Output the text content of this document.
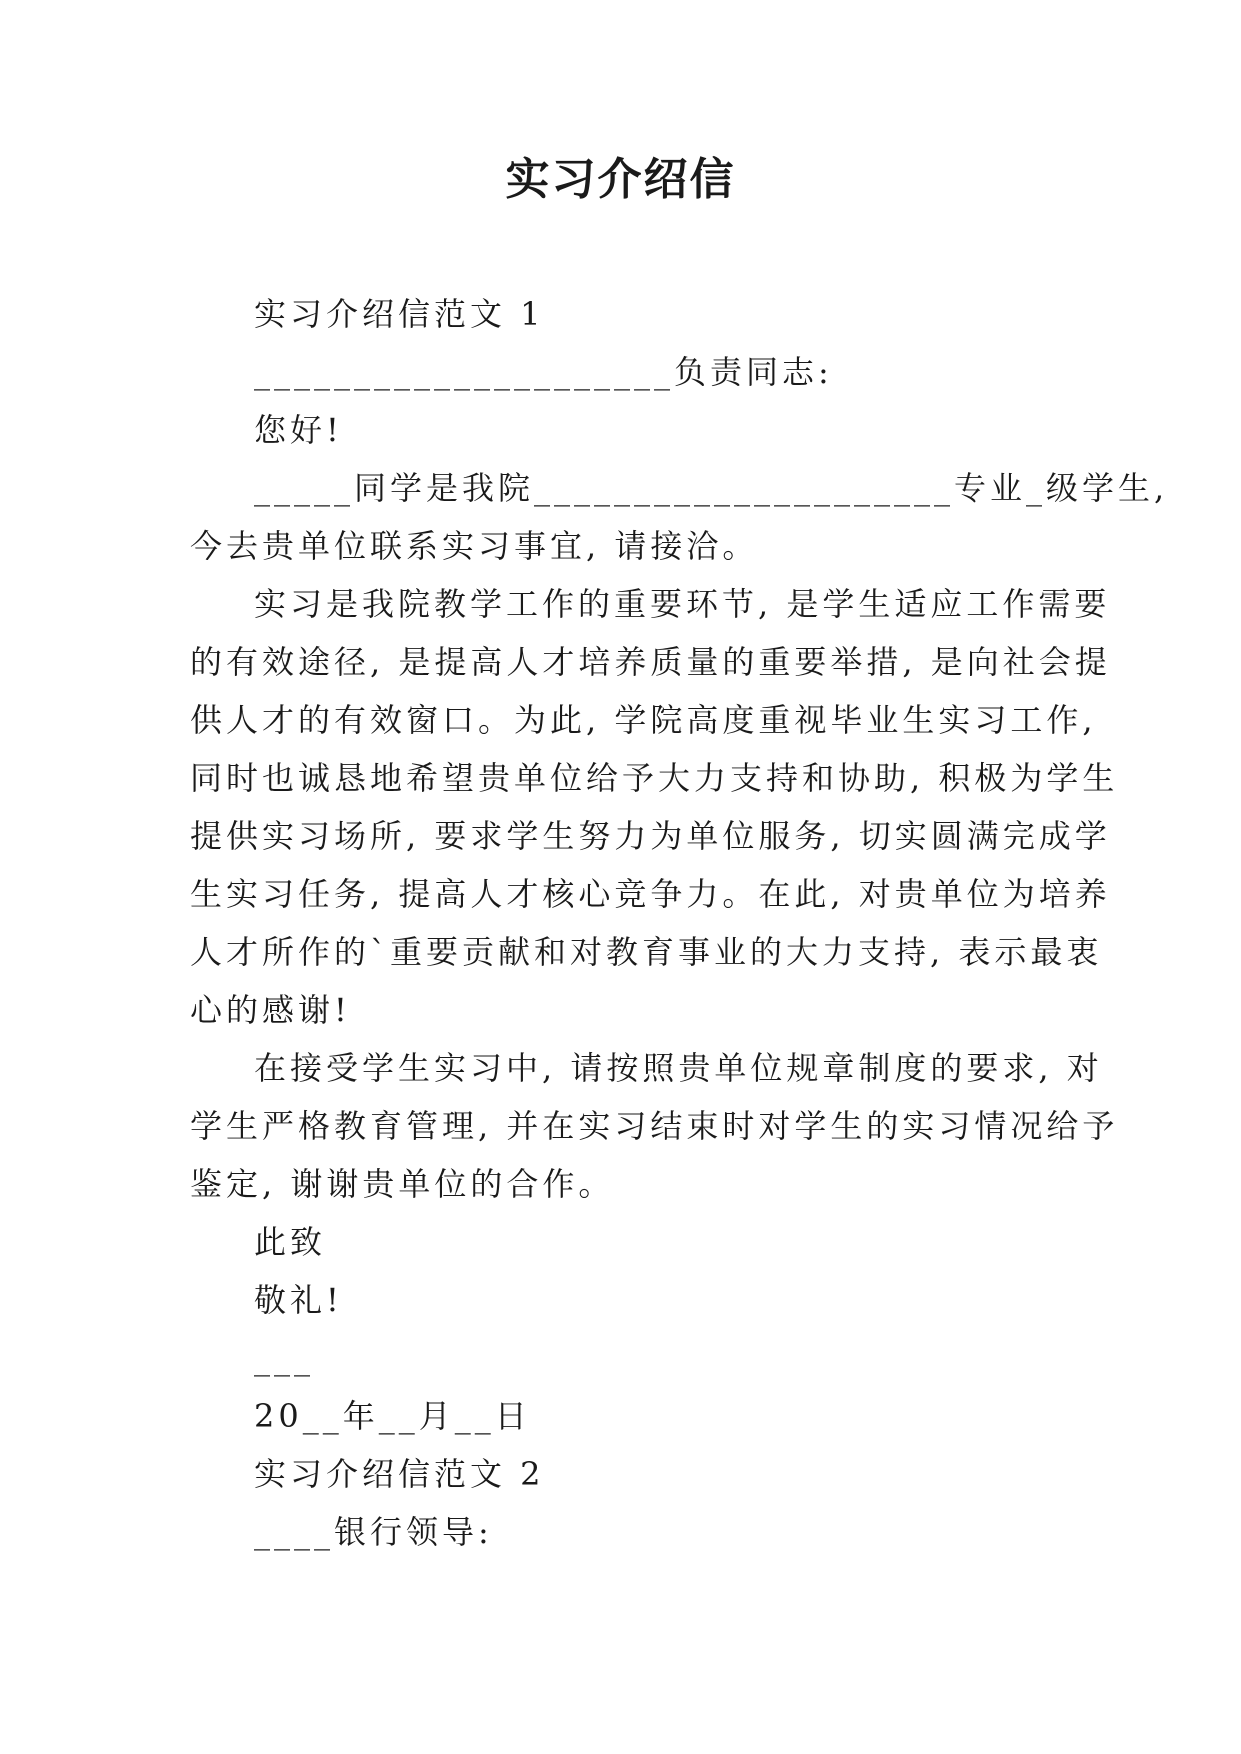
实习介绍信
实习介绍信范文 1
_____________________负责同志:
您好!
_____同学是我院_____________________专业_级学生,
今去贵单位联系实习事宜, 请接洽。
实习是我院教学工作的重要环节, 是学生适应工作需要
的有效途径, 是提高人才培养质量的重要举措, 是向社会提
供人才的有效窗口。为此, 学院高度重视毕业生实习工作,
同时也诚恳地希望贵单位给予大力支持和协助, 积极为学生
提供实习场所, 要求学生努力为单位服务, 切实圆满完成学
生实习任务, 提高人才核心竞争力。在此, 对贵单位为培养
人才所作的`重要贡献和对教育事业的大力支持, 表示最衷
心的感谢!
在接受学生实习中, 请按照贵单位规章制度的要求, 对
学生严格教育管理, 并在实习结束时对学生的实习情况给予
鉴定, 谢谢贵单位的合作。
此致
敬礼!
___
20__年__月__日
实习介绍信范文 2
____银行领导:
